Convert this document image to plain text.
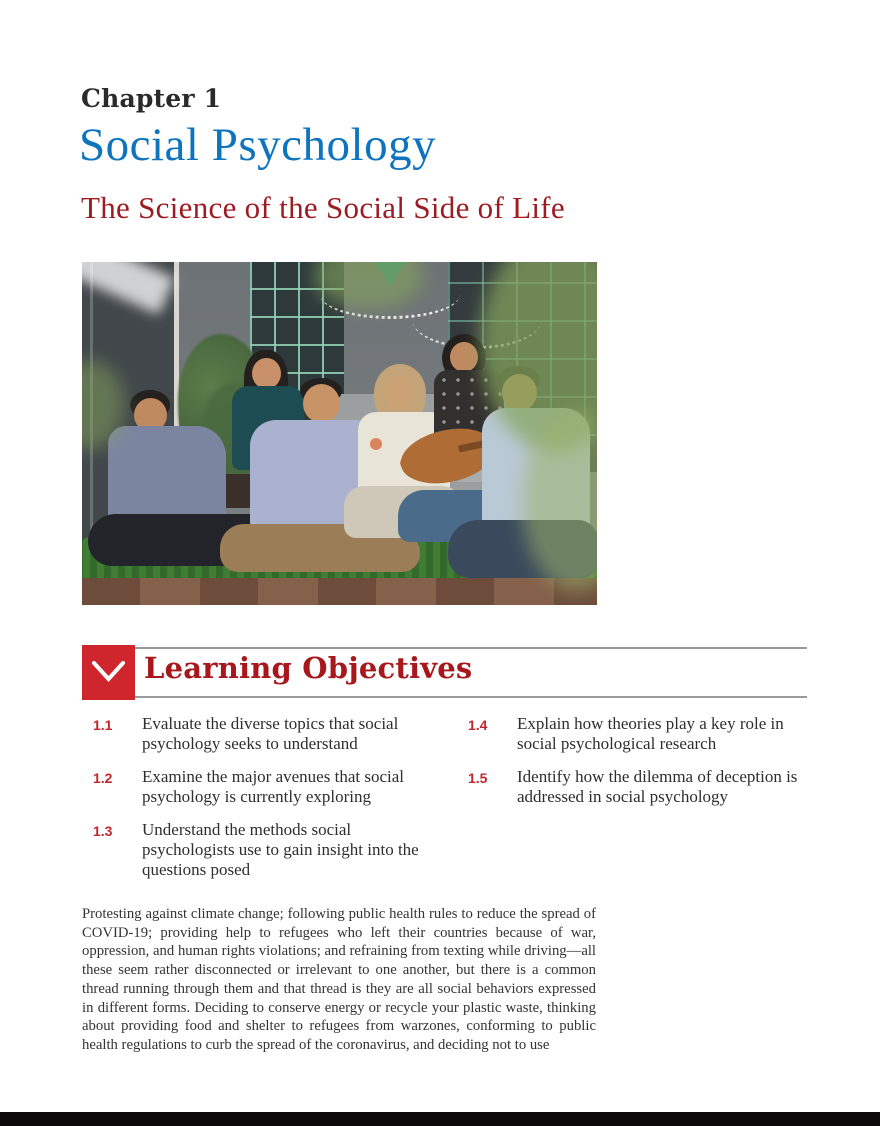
Chapter 1
Social Psychology
The Science of the Social Side of Life
Learning Objectives
1.1	Evaluate the diverse topics that social psychology seeks to understand
1.2	Examine the major avenues that social psychology is currently exploring
1.3	Understand the methods social psychologists use to gain insight into the questions posed
1.4	Explain how theories play a key role in social psychological research
1.5	Identify how the dilemma of deception is addressed in social psychology
Protesting against climate change; following public health rules to reduce the spread of COVID-19; providing help to refugees who left their countries because of war, oppression, and human rights violations; and refraining from texting while driving—all these seem rather disconnected or irrelevant to one another, but there is a common thread running through them and that thread is they are all social behaviors expressed in different forms. Deciding to conserve energy or recycle your plastic waste, thinking about providing food and shelter to refugees from warzones, conforming to public health regulations to curb the spread of the coronavirus, and deciding not to use
